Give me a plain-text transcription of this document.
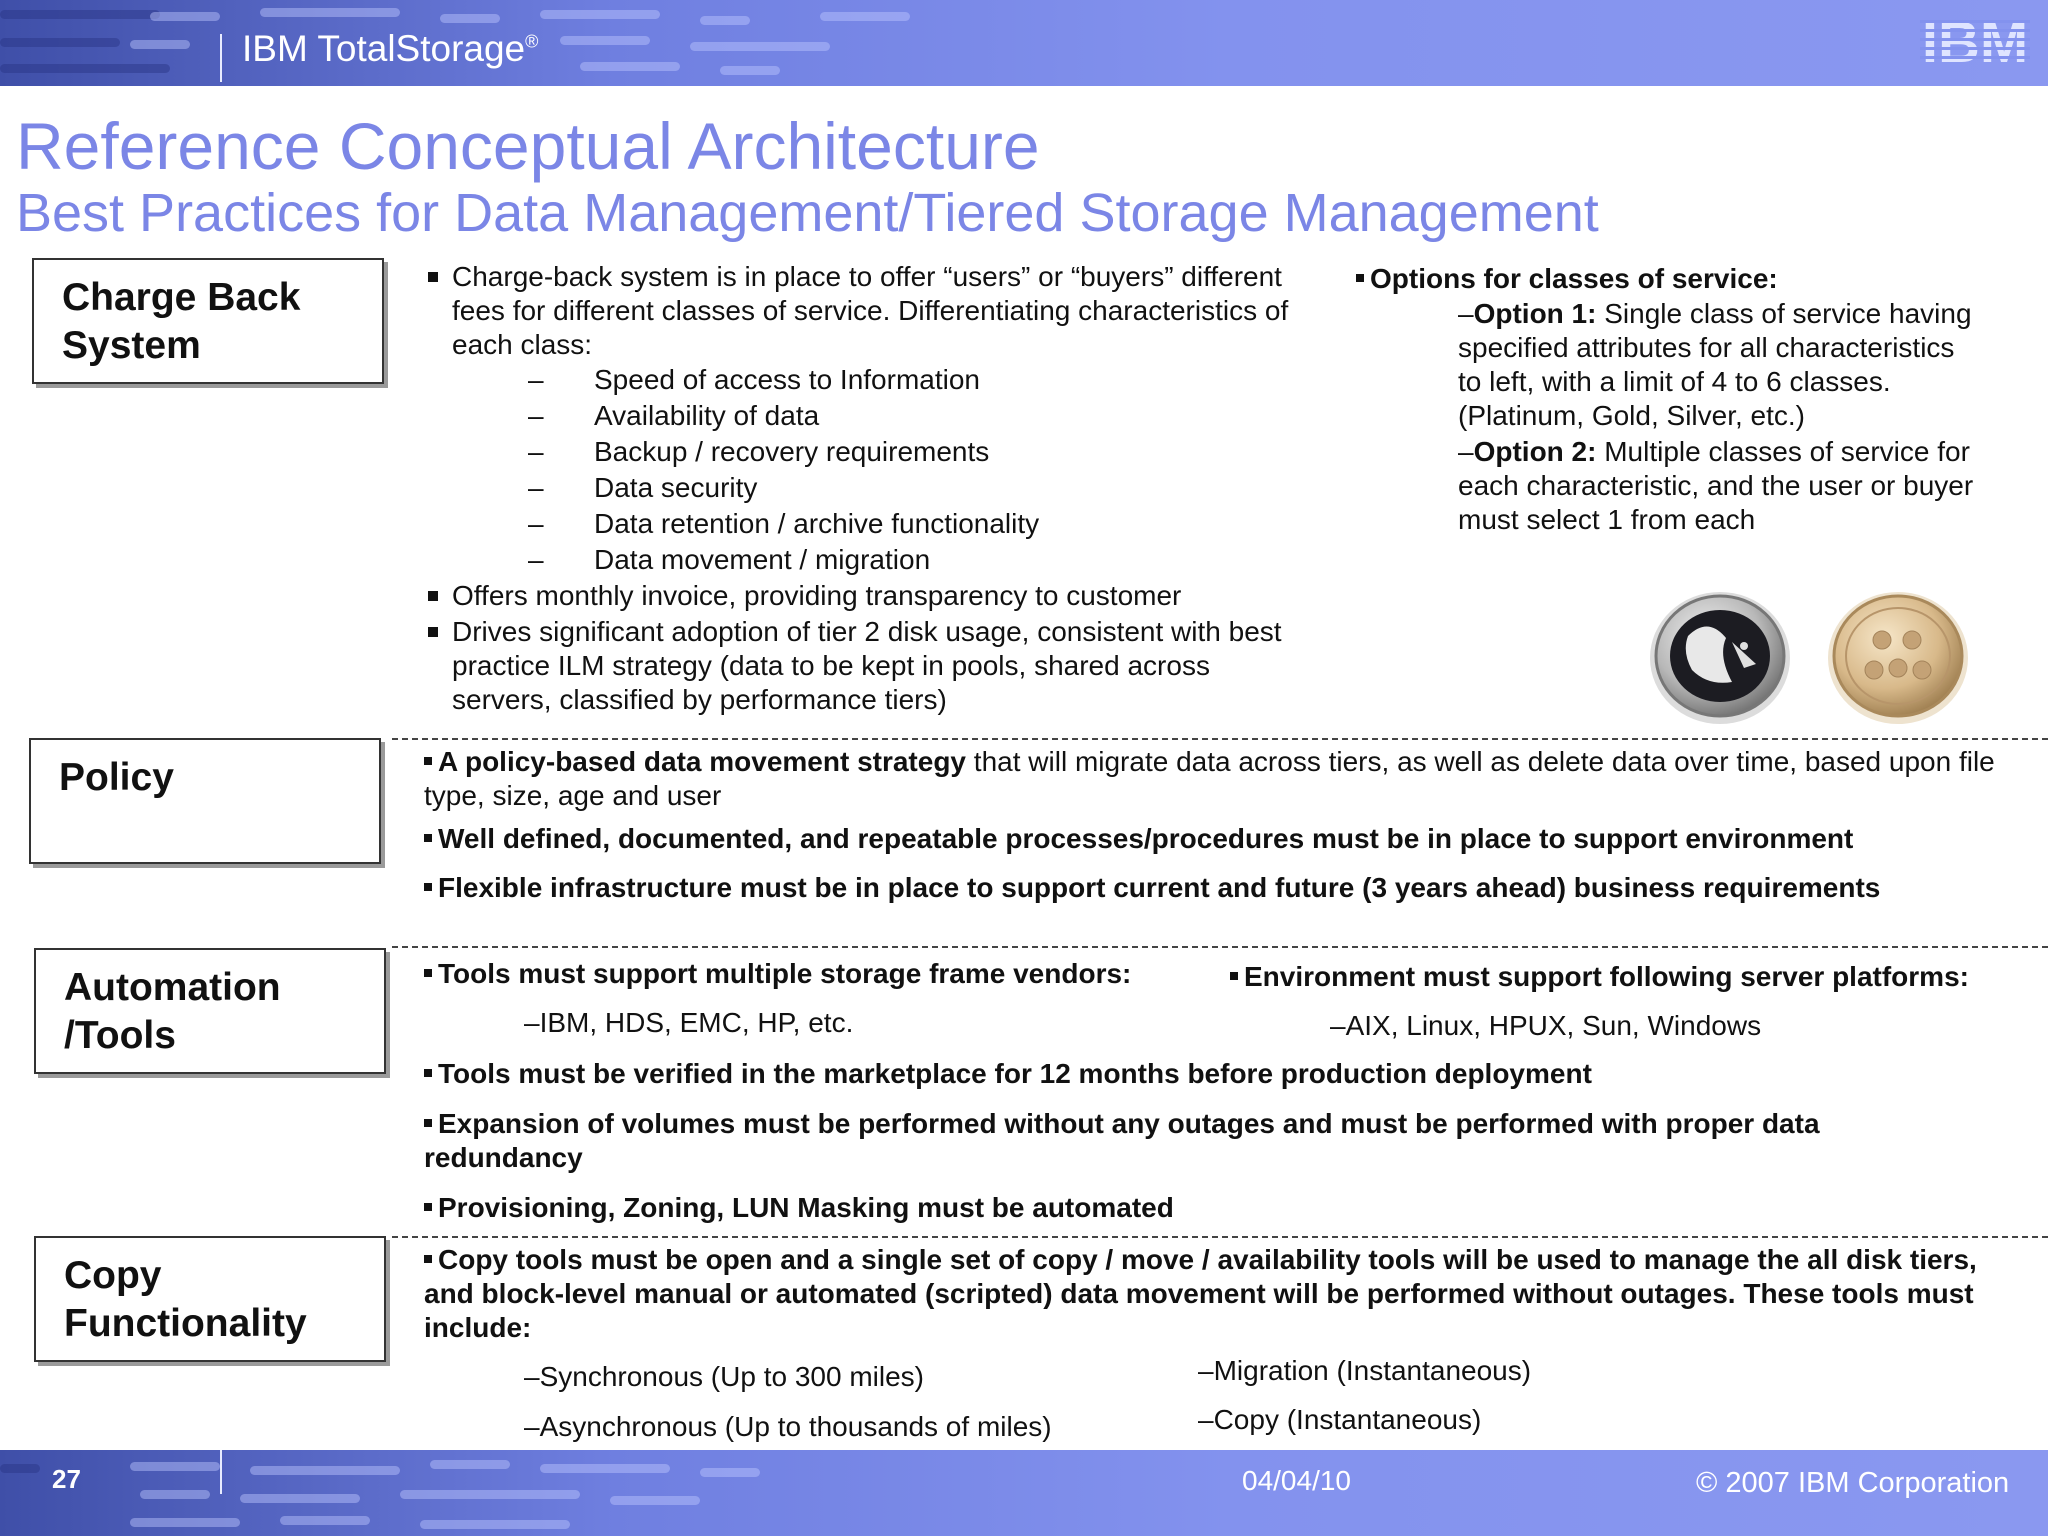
IBM TotalStorage®
Reference Conceptual Architecture
Best Practices for Data Management/Tiered Storage Management
Charge Back
System
Charge-back system is in place to offer “users” or “buyers” different fees for different classes of service. Differentiating characteristics of each class:
– Speed of access to Information
– Availability of data
– Backup / recovery requirements
– Data security
– Data retention / archive functionality
– Data movement / migration
Offers monthly invoice, providing transparency to customer
Drives significant adoption of tier 2 disk usage, consistent with best practice ILM strategy (data to be kept in pools, shared across servers, classified by performance tiers)
Options for classes of service:
–Option 1: Single class of service having specified attributes for all characteristics to left, with a limit of 4 to 6 classes. (Platinum, Gold, Silver, etc.)
–Option 2: Multiple classes of service for each characteristic, and the user or buyer must select 1 from each
Policy	A policy-based data movement strategy that will migrate data across tiers, as well as delete data over time, based upon file type, size, age and user
Well defined, documented, and repeatable processes/procedures must be in place to support environment
Flexible infrastructure must be in place to support current and future (3 years ahead) business requirements
Automation
/Tools
Tools must support multiple storage frame vendors:
–IBM, HDS, EMC, HP, etc.
Environment must support following server platforms:
–AIX, Linux, HPUX, Sun, Windows
Tools must be verified in the marketplace for 12 months before production deployment
Expansion of volumes must be performed without any outages and must be performed with proper data redundancy
Provisioning, Zoning, LUN Masking must be automated
Copy
Functionality
Copy tools must be open and a single set of copy / move / availability tools will be used to manage the all disk tiers, and block-level manual or automated (scripted) data movement will be performed without outages. These tools must include:
–Synchronous (Up to 300 miles)
–Asynchronous (Up to thousands of miles)
–Migration (Instantaneous)
–Copy (Instantaneous)
27	04/04/10	© 2007 IBM Corporation
